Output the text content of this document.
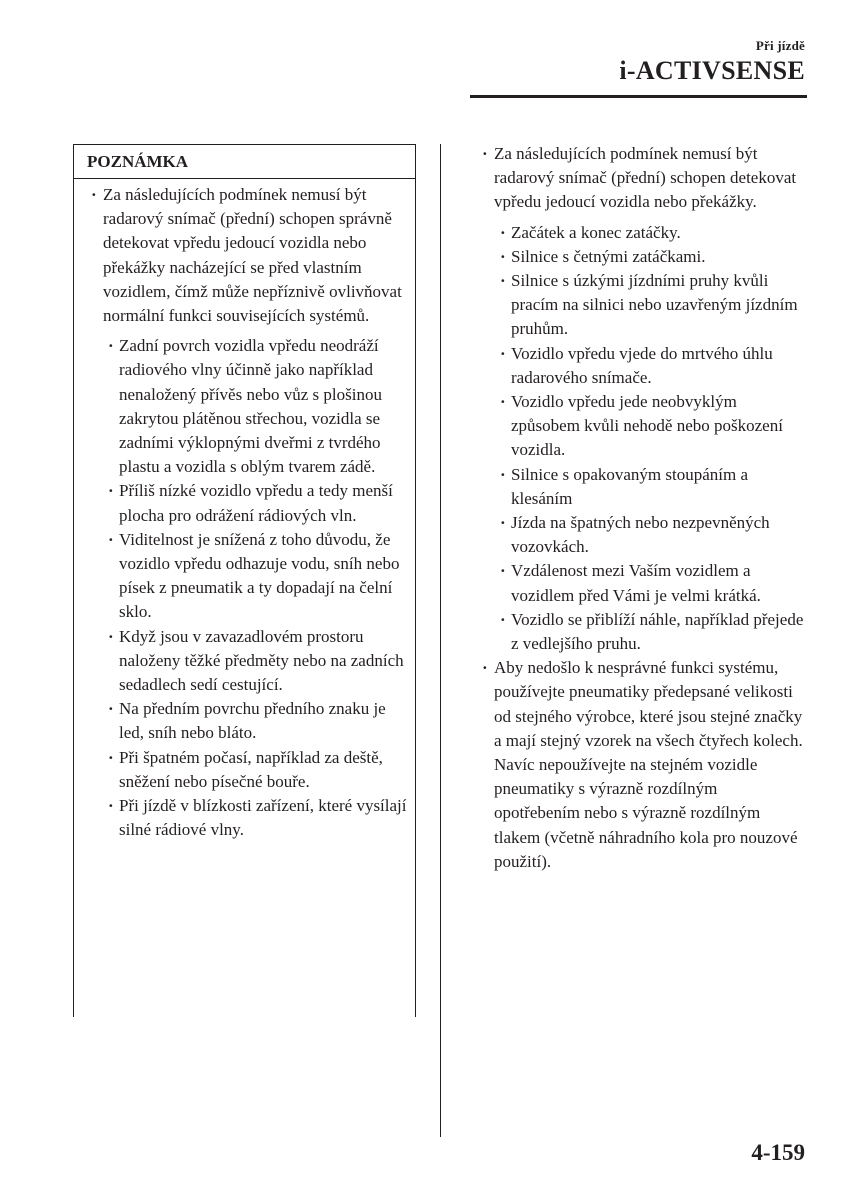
Při jízdě
i-ACTIVSENSE
POZNÁMKA

· Za následujících podmínek nemusí být radarový snímač (přední) schopen správně detekovat vpředu jedoucí vozidla nebo překážky nacházející se před vlastním vozidlem, čímž může nepříznivě ovlivňovat normální funkci souvisejících systémů.

· Zadní povrch vozidla vpředu neodráží radiového vlny účinně jako například nenaložený přívěs nebo vůz s plošinou zakrytou plátěnou střechou, vozidla se zadními výklopnými dveřmi z tvrdého plastu a vozidla s oblým tvarem zádě.

· Příliš nízké vozidlo vpředu a tedy menší plocha pro odrážení rádiových vln.

· Viditelnost je snížená z toho důvodu, že vozidlo vpředu odhazuje vodu, sníh nebo písek z pneumatik a ty dopadají na čelní sklo.

· Když jsou v zavazadlovém prostoru naloženy těžké předměty nebo na zadních sedadlech sedí cestující.

· Na předním povrchu předního znaku je led, sníh nebo bláto.

· Při špatném počasí, například za deště, sněžení nebo písečné bouře.

· Při jízdě v blízkosti zařízení, které vysílají silné rádiové vlny.

· Za následujících podmínek nemusí být radarový snímač (přední) schopen detekovat vpředu jedoucí vozidla nebo překážky.

· Začátek a konec zatáčky.

· Silnice s četnými zatáčkami.

· Silnice s úzkými jízdními pruhy kvůli pracím na silnici nebo uzavřeným jízdním pruhům.

· Vozidlo vpředu vjede do mrtvého úhlu radarového snímače.

· Vozidlo vpředu jede neobvyklým způsobem kvůli nehodě nebo poškození vozidla.

· Silnice s opakovaným stoupáním a klesáním

· Jízda na špatných nebo nezpevněných vozovkách.

· Vzdálenost mezi Vaším vozidlem a vozidlem před Vámi je velmi krátká.

· Vozidlo se přiblíží náhle, například přejede z vedlejšího pruhu.

· Aby nedošlo k nesprávné funkci systému, používejte pneumatiky předepsané velikosti od stejného výrobce, které jsou stejné značky a mají stejný vzorek na všech čtyřech kolech. Navíc nepoužívejte na stejném vozidle pneumatiky s výrazně rozdílným opotřebením nebo s výrazně rozdílným tlakem (včetně náhradního kola pro nouzové použití).

4-159
